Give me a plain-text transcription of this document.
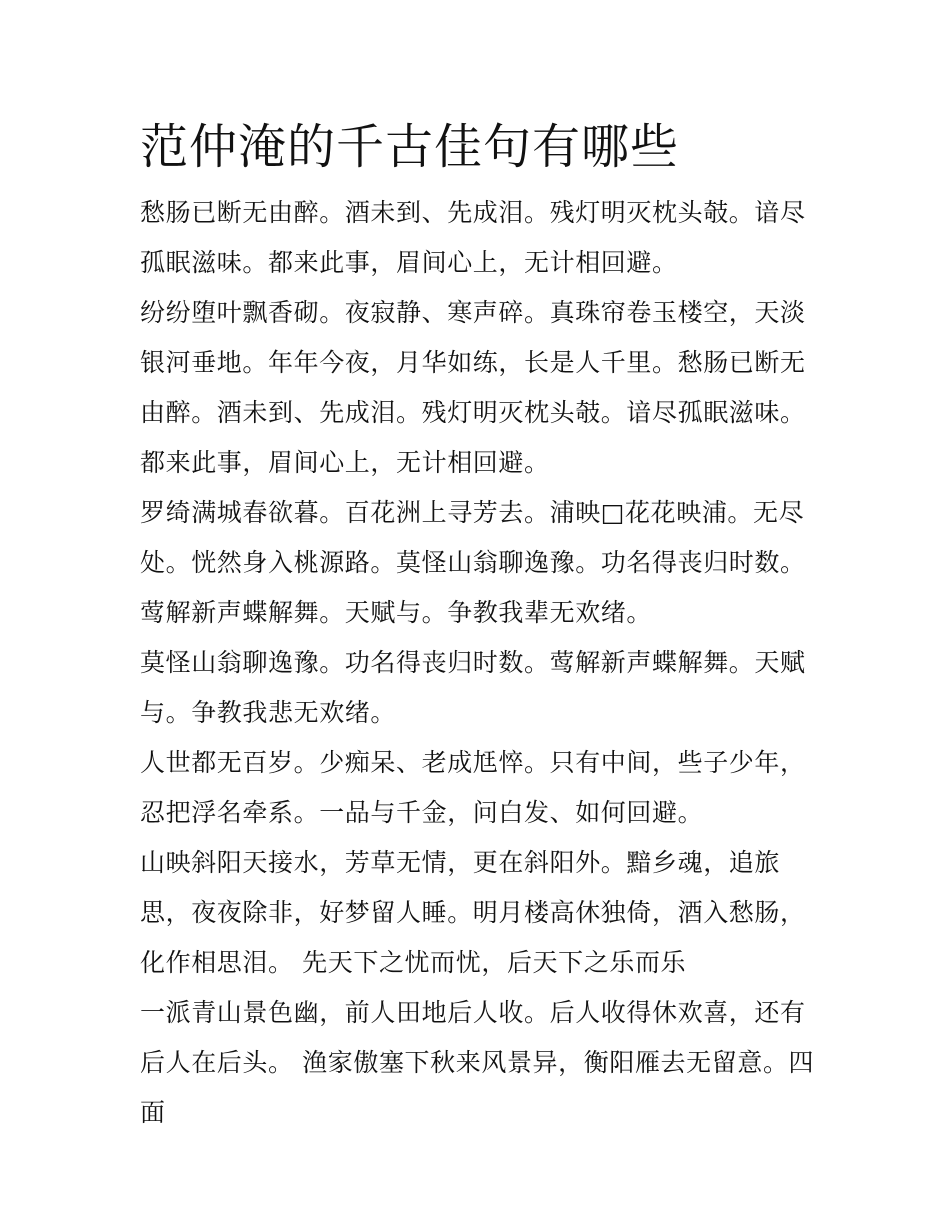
范仲淹的千古佳句有哪些

愁肠已断无由醉。酒未到、先成泪。残灯明灭枕头攲。谙尽孤眠滋味。都来此事，眉间心上，无计相回避。

纷纷堕叶飘香砌。夜寂静、寒声碎。真珠帘卷玉楼空，天淡银河垂地。年年今夜，月华如练，长是人千里。愁肠已断无由醉。酒未到、先成泪。残灯明灭枕头攲。谙尽孤眠滋味。都来此事，眉间心上，无计相回避。

罗绮满城春欲暮。百花洲上寻芳去。浦映□花花映浦。无尽处。恍然身入桃源路。莫怪山翁聊逸豫。功名得丧归时数。莺解新声蝶解舞。天赋与。争教我辈无欢绪。

莫怪山翁聊逸豫。功名得丧归时数。莺解新声蝶解舞。天赋与。争教我悲无欢绪。

人世都无百岁。少痴呆、老成尪悴。只有中间，些子少年，忍把浮名牵系。一品与千金，问白发、如何回避。

山映斜阳天接水，芳草无情，更在斜阳外。黯乡魂，追旅思，夜夜除非，好梦留人睡。明月楼高休独倚，酒入愁肠，化作相思泪。 先天下之忧而忧，后天下之乐而乐

一派青山景色幽，前人田地后人收。后人收得休欢喜，还有后人在后头。 渔家傲塞下秋来风景异，衡阳雁去无留意。四面
